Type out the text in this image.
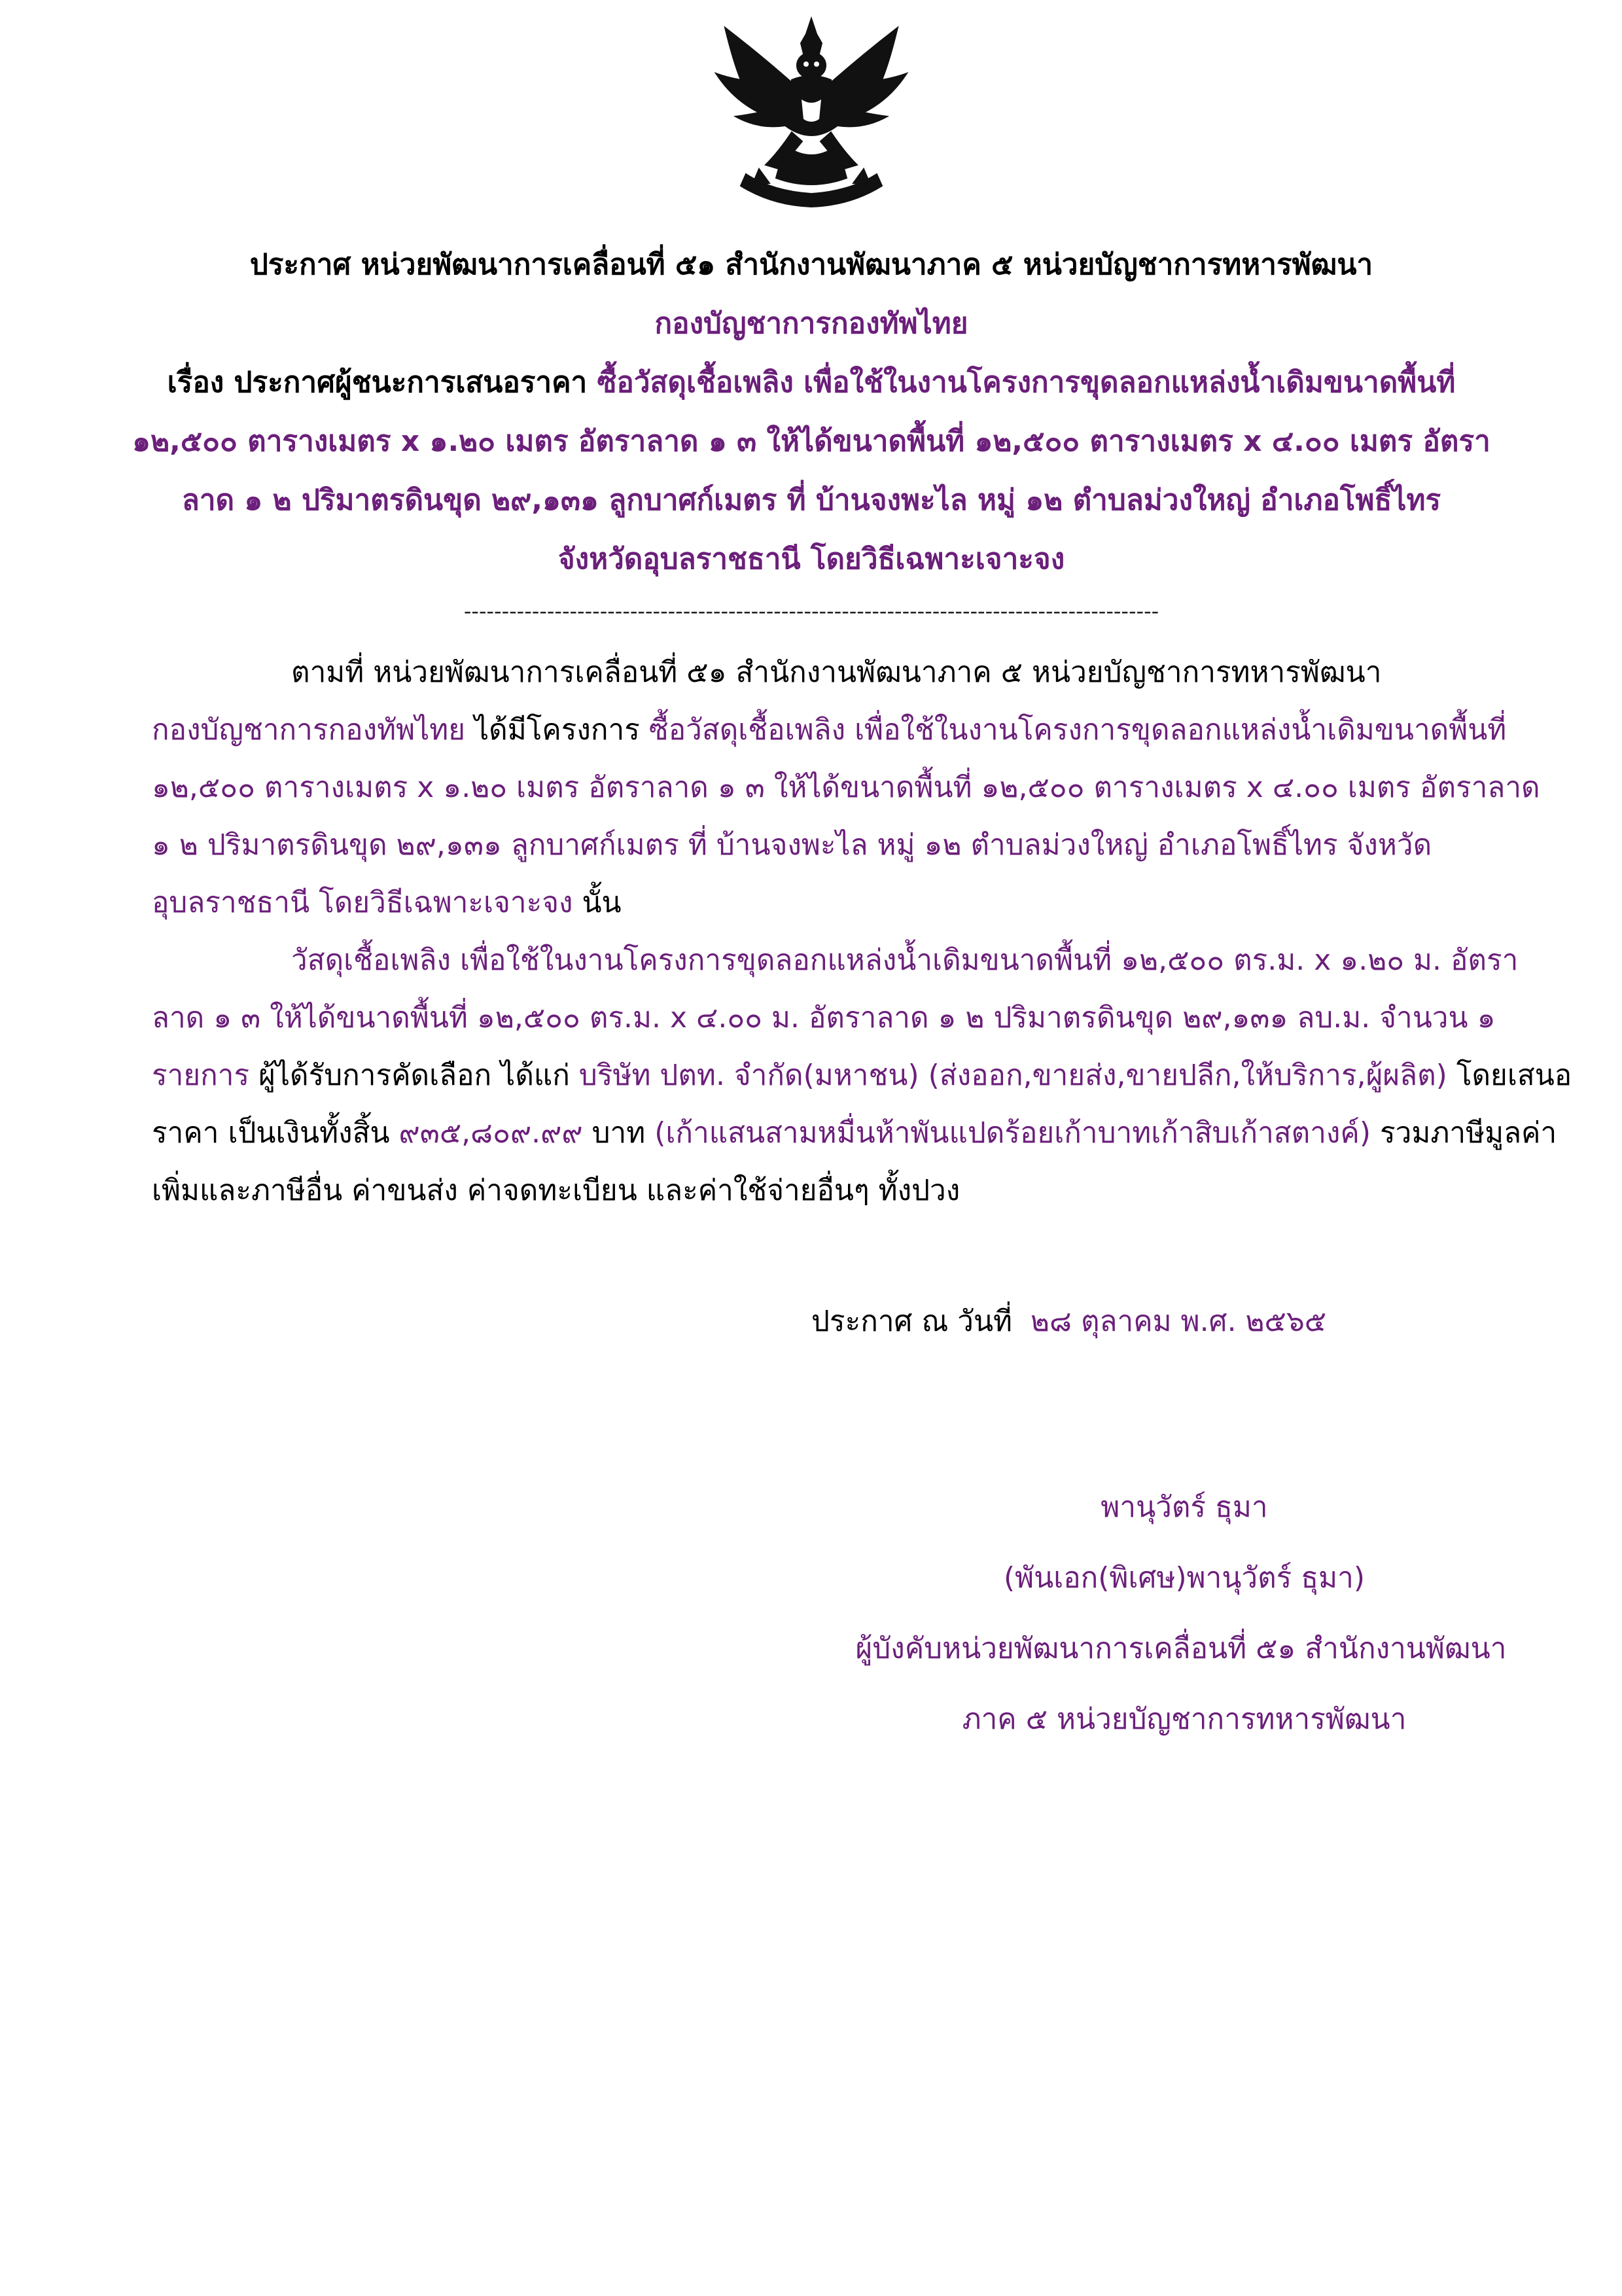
ประกาศ หน่วยพัฒนาการเคลื่อนที่ ๕๑ สำนักงานพัฒนาภาค ๕ หน่วยบัญชาการทหารพัฒนา
กองบัญชาการกองทัพไทย
เรื่อง ประกาศผู้ชนะการเสนอราคา ซื้อวัสดุเชื้อเพลิง เพื่อใช้ในงานโครงการขุดลอกแหล่งน้ำเดิมขนาดพื้นที่
๑๒,๕๐๐ ตารางเมตร x ๑.๒๐ เมตร อัตราลาด ๑ ๓ ให้ได้ขนาดพื้นที่ ๑๒,๕๐๐ ตารางเมตร x ๔.๐๐ เมตร อัตรา
ลาด ๑ ๒ ปริมาตรดินขุด ๒๙,๑๓๑ ลูกบาศก์เมตร ที่ บ้านจงพะไล หมู่ ๑๒ ตำบลม่วงใหญ่ อำเภอโพธิ์ไทร
จังหวัดอุบลราชธานี โดยวิธีเฉพาะเจาะจง
--------------------------------------------------------------------------------------------
ตามที่ หน่วยพัฒนาการเคลื่อนที่ ๕๑ สำนักงานพัฒนาภาค ๕ หน่วยบัญชาการทหารพัฒนา
กองบัญชาการกองทัพไทย ได้มีโครงการ ซื้อวัสดุเชื้อเพลิง เพื่อใช้ในงานโครงการขุดลอกแหล่งน้ำเดิมขนาดพื้นที่
๑๒,๕๐๐ ตารางเมตร x ๑.๒๐ เมตร อัตราลาด ๑ ๓ ให้ได้ขนาดพื้นที่ ๑๒,๕๐๐ ตารางเมตร x ๔.๐๐ เมตร อัตราลาด
๑ ๒ ปริมาตรดินขุด ๒๙,๑๓๑ ลูกบาศก์เมตร ที่ บ้านจงพะไล หมู่ ๑๒ ตำบลม่วงใหญ่ อำเภอโพธิ์ไทร จังหวัด
อุบลราชธานี โดยวิธีเฉพาะเจาะจง นั้น
วัสดุเชื้อเพลิง เพื่อใช้ในงานโครงการขุดลอกแหล่งน้ำเดิมขนาดพื้นที่ ๑๒,๕๐๐ ตร.ม. x ๑.๒๐ ม. อัตรา
ลาด ๑ ๓ ให้ได้ขนาดพื้นที่ ๑๒,๕๐๐ ตร.ม. x ๔.๐๐ ม. อัตราลาด ๑ ๒ ปริมาตรดินขุด ๒๙,๑๓๑ ลบ.ม. จำนวน ๑
รายการ ผู้ได้รับการคัดเลือก ได้แก่ บริษัท ปตท. จำกัด(มหาชน) (ส่งออก,ขายส่ง,ขายปลีก,ให้บริการ,ผู้ผลิต) โดยเสนอ
ราคา เป็นเงินทั้งสิ้น ๙๓๕,๘๐๙.๙๙ บาท (เก้าแสนสามหมื่นห้าพันแปดร้อยเก้าบาทเก้าสิบเก้าสตางค์) รวมภาษีมูลค่า
เพิ่มและภาษีอื่น ค่าขนส่ง ค่าจดทะเบียน และค่าใช้จ่ายอื่นๆ ทั้งปวง
ประกาศ ณ วันที่ ๒๘ ตุลาคม พ.ศ. ๒๕๖๕
พานุวัตร์ ธุมา
(พันเอก(พิเศษ)พานุวัตร์ ธุมา)
ผู้บังคับหน่วยพัฒนาการเคลื่อนที่ ๕๑ สำนักงานพัฒนา
ภาค ๕ หน่วยบัญชาการทหารพัฒนา
